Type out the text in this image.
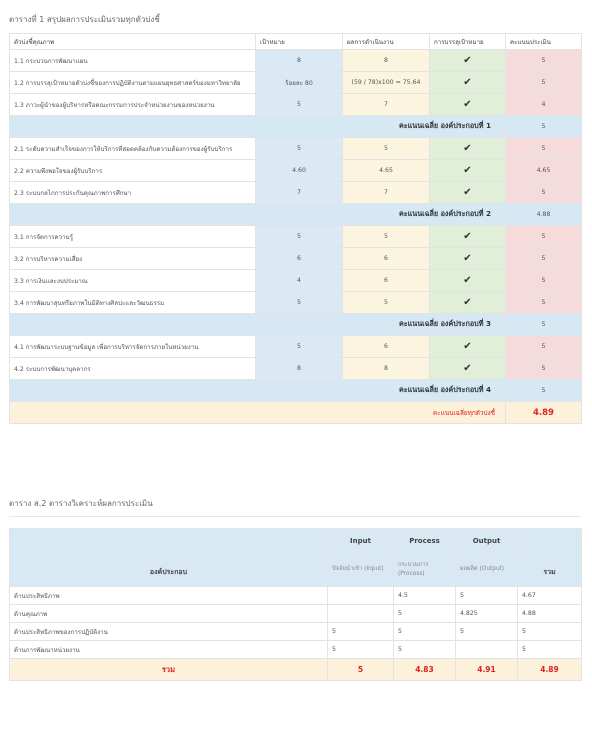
ตารางที่ 1 สรุปผลการประเมินรวมทุกตัวบ่งชี้
ตัวบ่งชี้คุณภาพ	เป้าหมาย	ผลการดำเนินงาน	การบรรลุเป้าหมาย	คะแนนประเมิน
1.1 กระบวนการพัฒนาแผน	8	8	✔	5
1.2 การบรรลุเป้าหมายตัวบ่งชี้ของการปฏิบัติงานตามแผนยุทธศาสตร์ของมหาวิทยาลัย	ร้อยละ 80	(59 / 78)x100 = 75.64	✔	5
1.3 ภาวะผู้นำของผู้บริหารหรือคณะกรรมการประจำหน่วยงานของหน่วยงาน	5	7	✔	4
คะแนนเฉลี่ย องค์ประกอบที่ 1				5
2.1 ระดับความสำเร็จของการให้บริการที่สอดคล้องกับความต้องการของผู้รับบริการ	5	5	✔	5
2.2 ความพึงพอใจของผู้รับบริการ	4.60	4.65	✔	4.65
2.3 ระบบกลไกการประกันคุณภาพการศึกษา	7	7	✔	5
คะแนนเฉลี่ย องค์ประกอบที่ 2				4.88
3.1 การจัดการความรู้	5	5	✔	5
3.2 การบริหารความเสี่ยง	6	6	✔	5
3.3 การเงินและงบประมาณ	4	6	✔	5
3.4 การพัฒนาสุนทรียภาพในมิติทางศิลปะและวัฒนธรรม	5	5	✔	5
คะแนนเฉลี่ย องค์ประกอบที่ 3				5
4.1 การพัฒนาระบบฐานข้อมูล เพื่อการบริหารจัดการภายในหน่วยงาน	5	6	✔	5
4.2 ระบบการพัฒนาบุคลากร	8	8	✔	5
คะแนนเฉลี่ย องค์ประกอบที่ 4				5
คะแนนเฉลี่ยทุกตัวบ่งชี้				4.89
ตาราง ส.2 ตารางวิเคราะห์ผลการประเมิน
องค์ประกอบ	Input	Process	Output	รวม
	ปัจจัยนำเข้า (Input)	กระบวนการ (Process)	ผลผลิต (Output)	
ด้านประสิทธิภาพ		4.5	5	4.67
ด้านคุณภาพ		5	4.825	4.88
ด้านประสิทธิภาพของการปฏิบัติงาน	5	5	5	5
ด้านการพัฒนาหน่วยงาน	5	5		5
รวม	5	4.83	4.91	4.89
